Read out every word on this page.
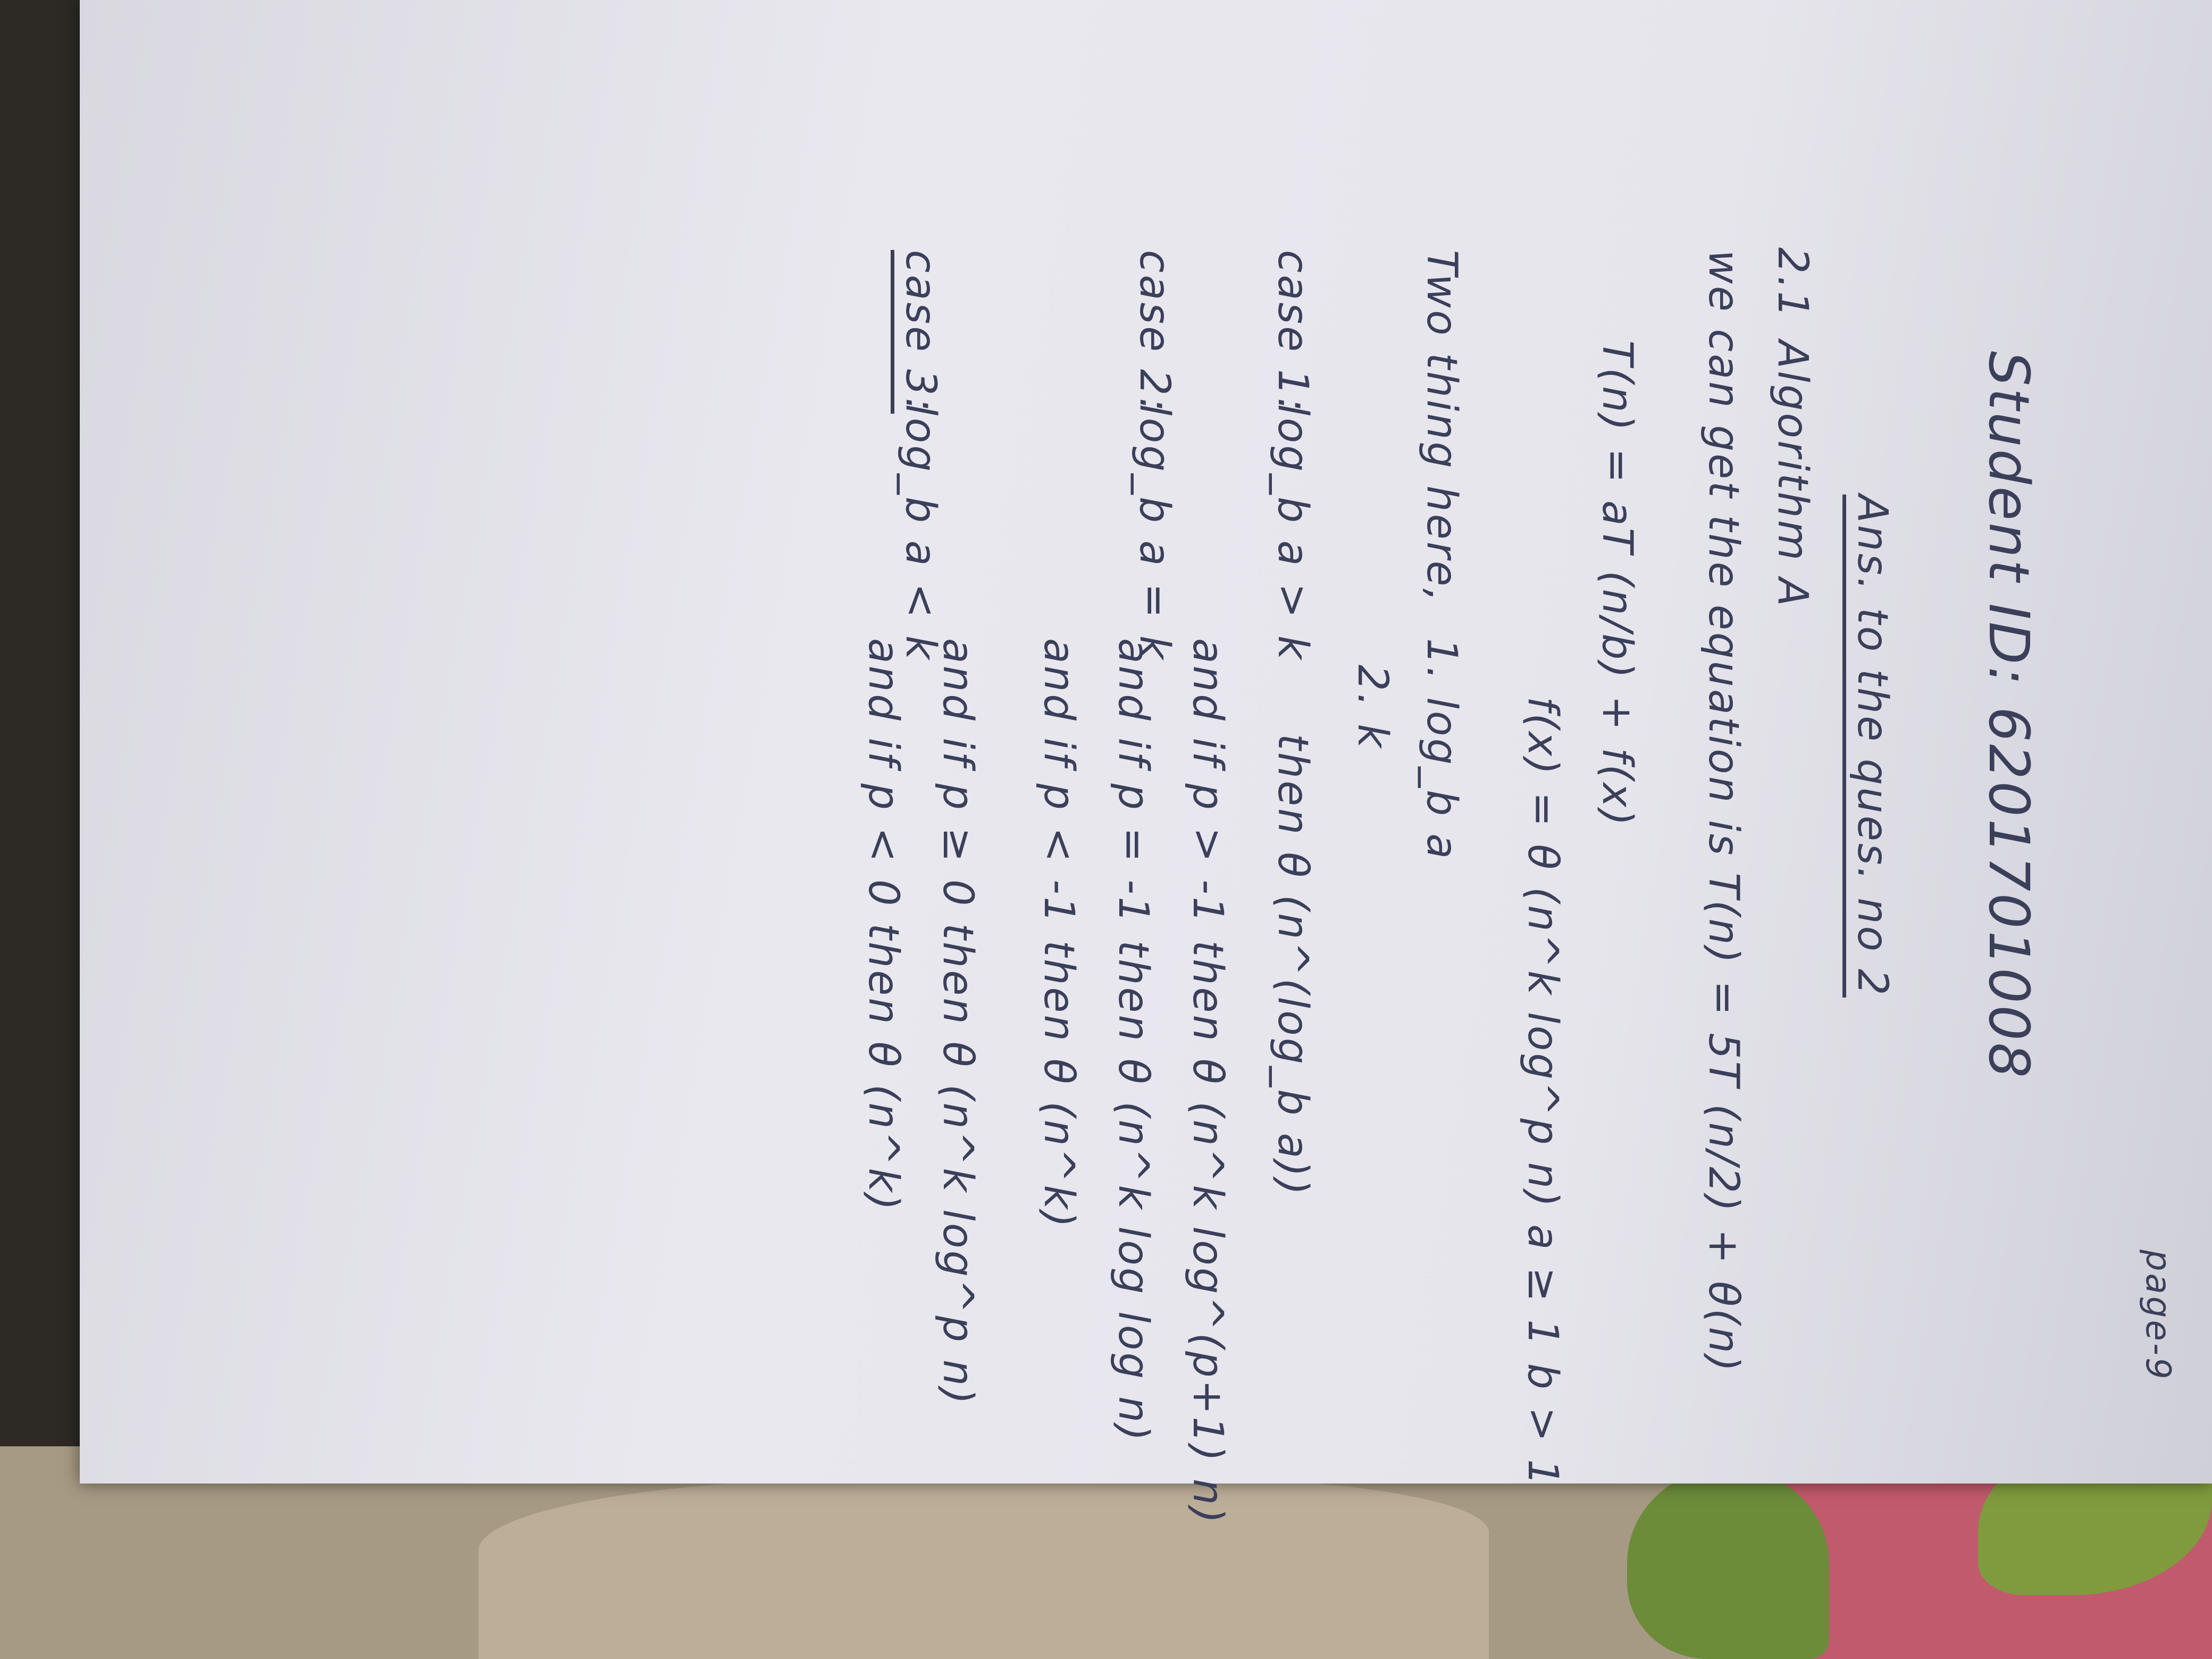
page-9
Student ID: 6201701008
Ans. to the ques. no 2
2.1
Algorithm A
we can get the equation is T(n) = 5T (n/2) + θ(n)
T(n) = aT (n/b) + f(x)
f(x) = θ (n^k log^p n) a ≥ 1 b > 1
Two thing here,
1. log_b a
2. k
case 1:
log_b a > k
then θ (n^(log_b a))
case 2:
log_b a = k
and if p > -1 then θ (n^k log^(p+1) n)
and if p = -1 then θ (n^k log log n)
and if p < -1 then θ (n^k)
case 3:
log_b a < k
and if p ≥ 0 then θ (n^k log^p n)
and if p < 0 then θ (n^k)
